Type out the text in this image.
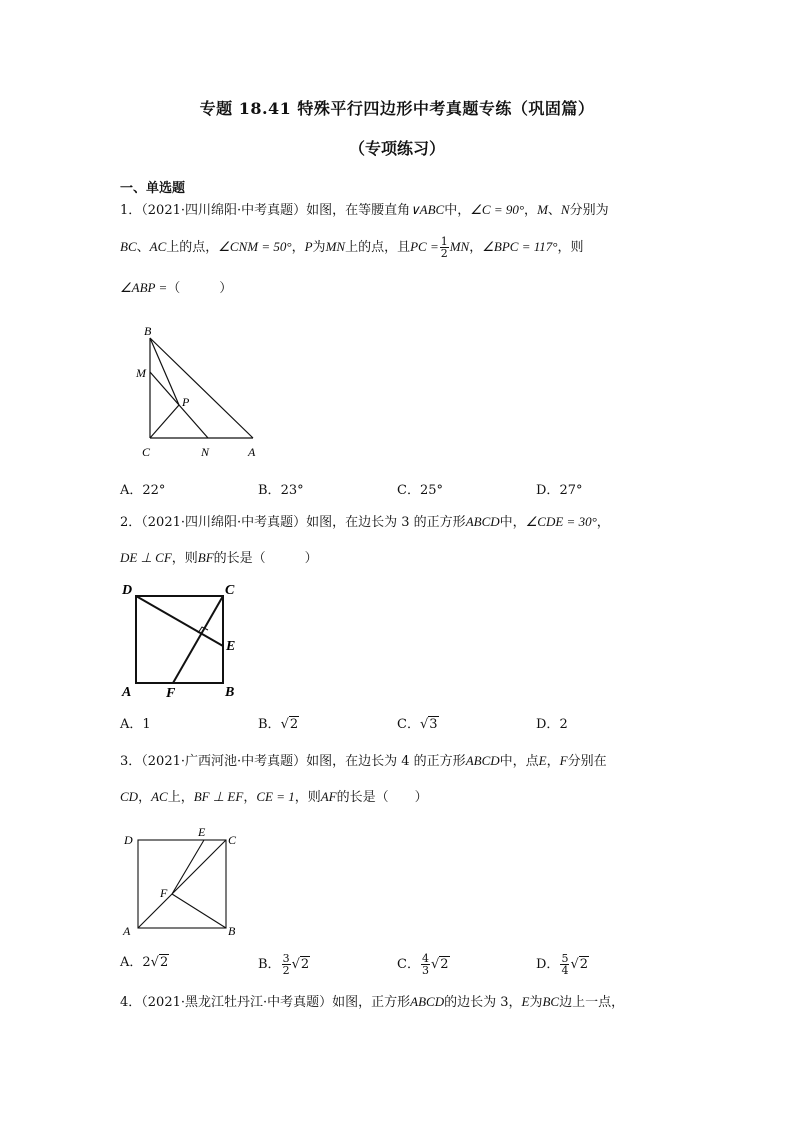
专题 18.41 特殊平行四边形中考真题专练（巩固篇）
（专项练习）
一、单选题
1．（2021·四川绵阳·中考真题）如图，在等腰直角∨ABC中，∠C = 90°，M、N分别为
BC、AC上的点，∠CNM = 50°，P为MN上的点，且PC = $\frac{1}{2}$ MN，∠BPC = 117°，则
∠ABP =（　　　）
B
M
P
C	N	A
A．22°	B．23°	C．25°	D．27°
2．（2021·四川绵阳·中考真题）如图，在边长为 3 的正方形ABCD中，∠CDE = 30°，
DE ⊥ CF，则BF的长是（　　　）
D	C
E
A F	B
A．1	B．√2	C．√3	D．2
3．（2021·广西河池·中考真题）如图，在边长为 4 的正方形ABCD中，点E，F分别在
CD，AC上，BF ⊥ EF，CE = 1，则AF的长是（　　）
D
E
C
F
A	B
A．2√2	B． $\frac{3}{2} √2$	C． $\frac{4}{3} √2$	D． $\frac{5}{4} √2$
4．（2021·黑龙江牡丹江·中考真题）如图，正方形ABCD的边长为 3，E为BC边上一点，
